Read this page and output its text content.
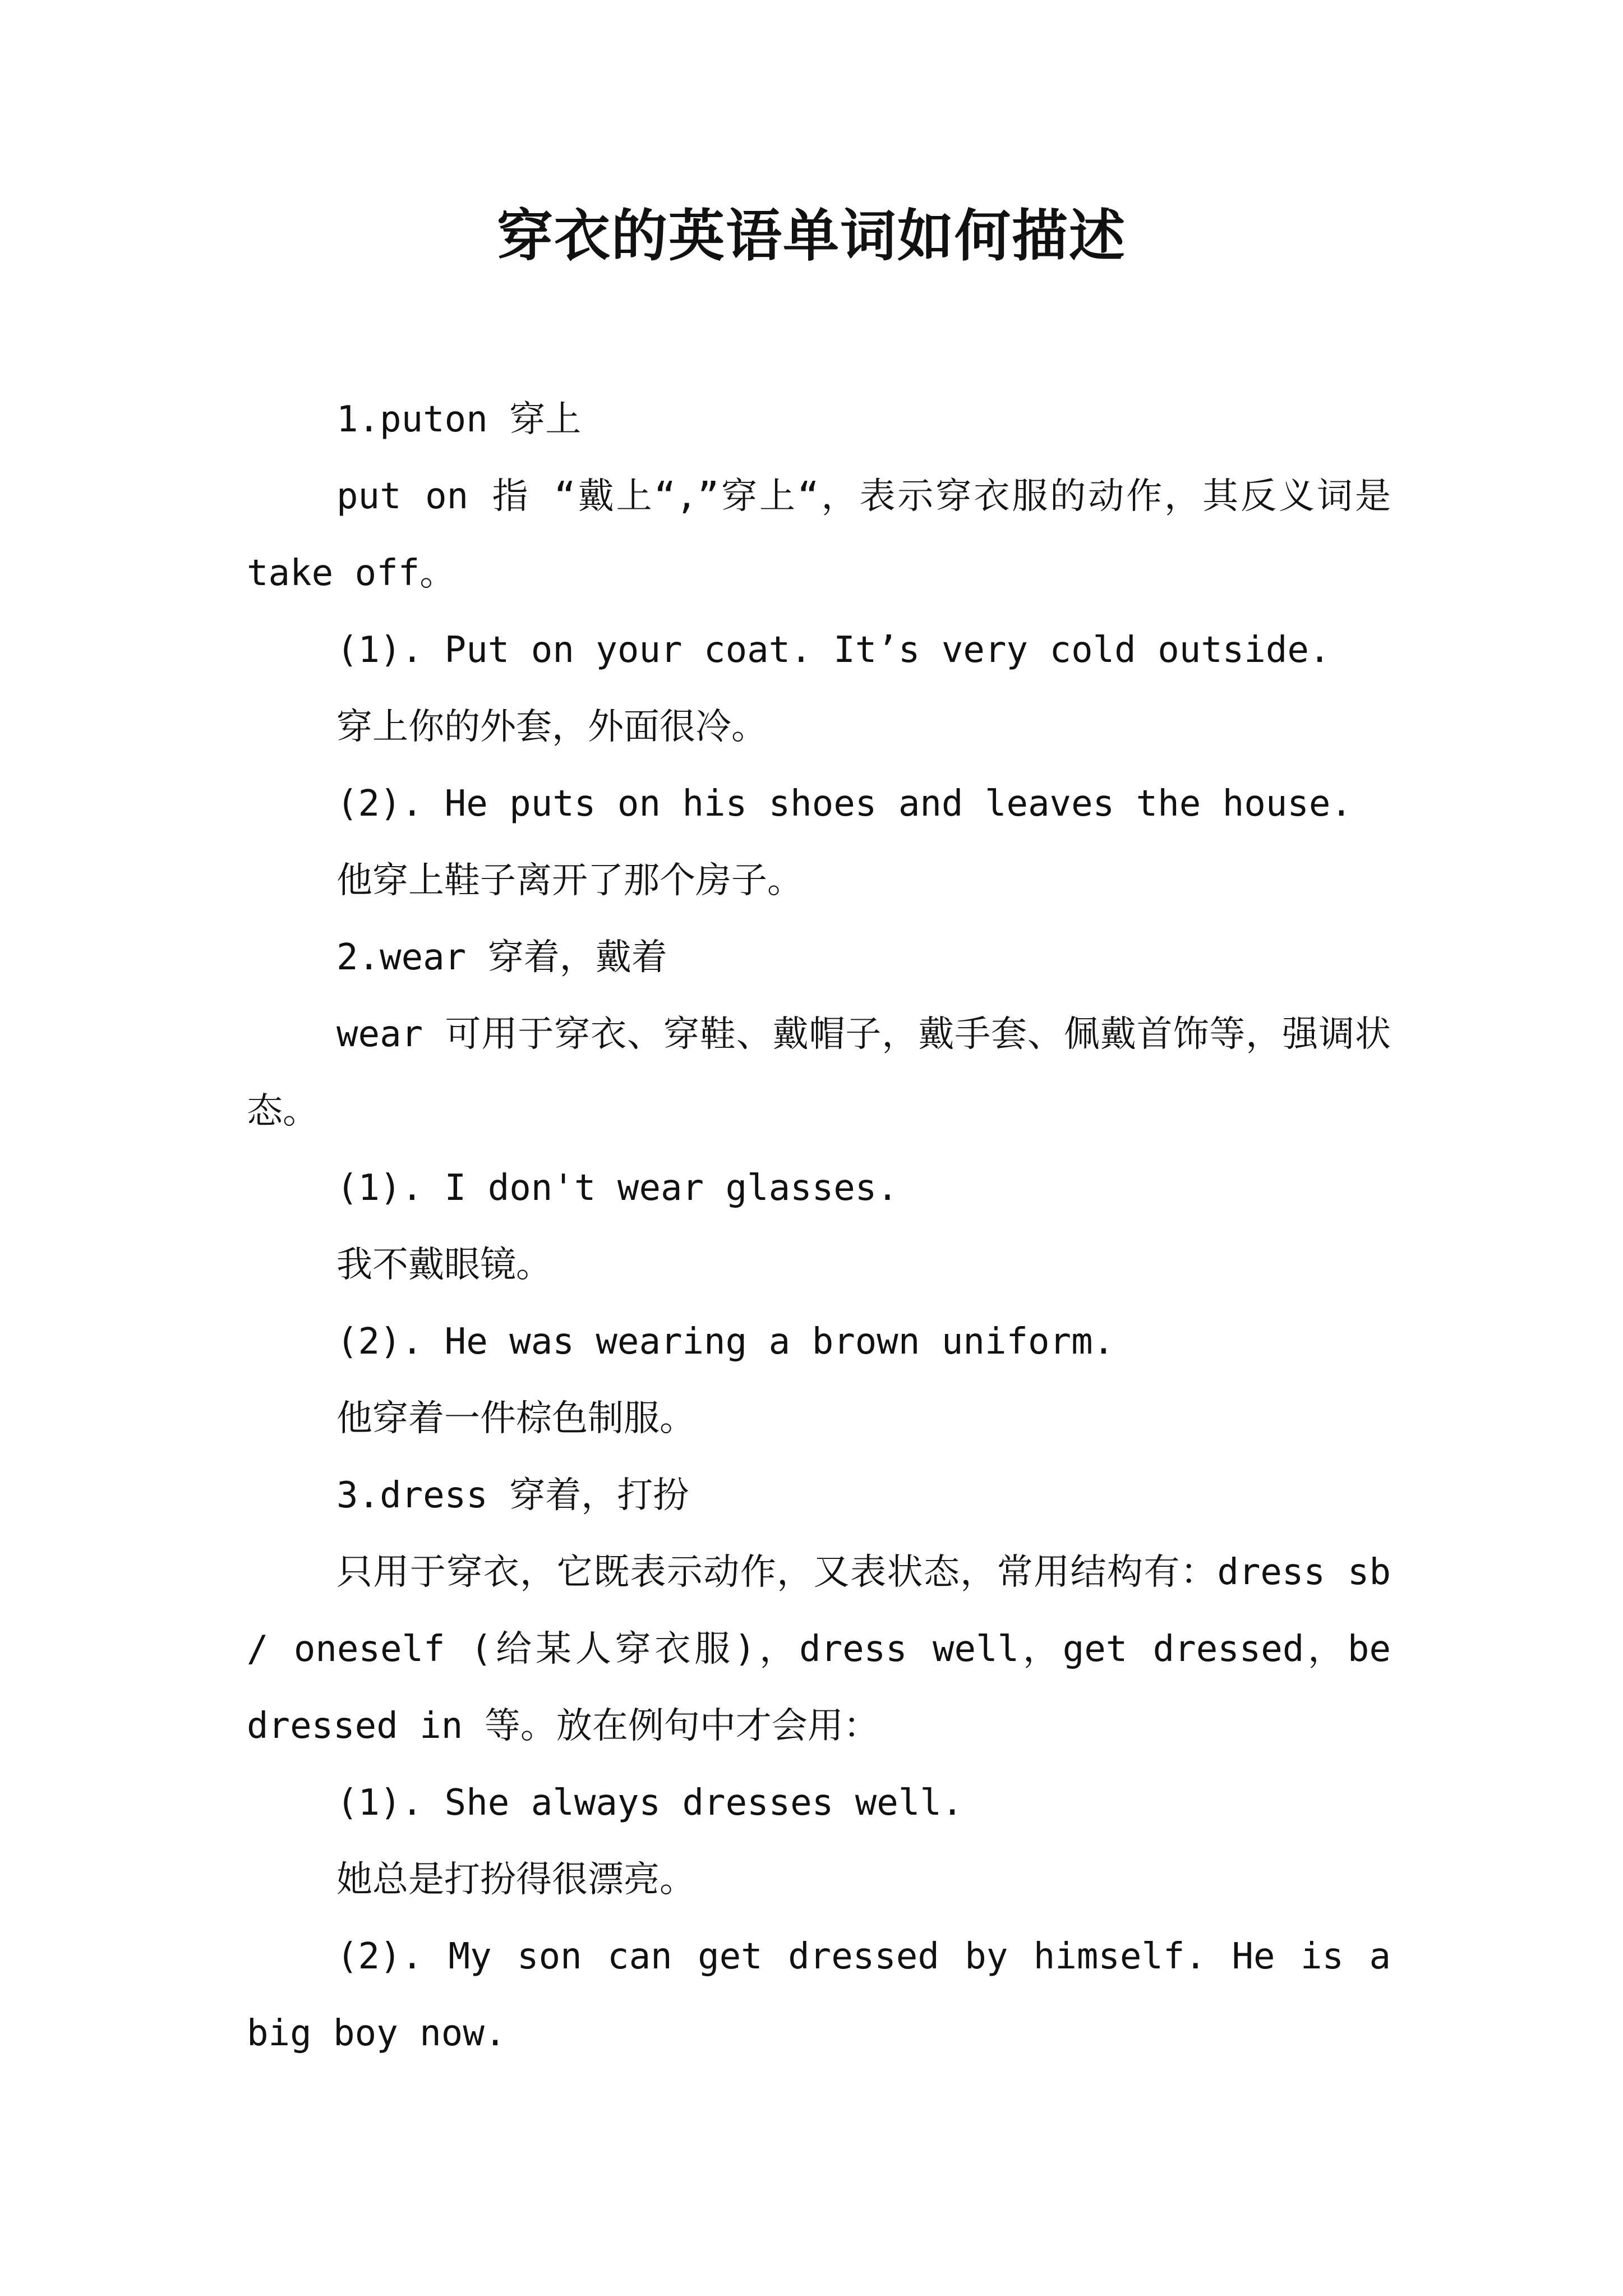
穿衣的英语单词如何描述

1.puton 穿上

put on 指 “戴上“,”穿上“，表示穿衣服的动作，其反义词是 take off。

(1). Put on your coat. It’s very cold outside.

穿上你的外套，外面很冷。

(2). He puts on his shoes and leaves the house.

他穿上鞋子离开了那个房子。

2.wear 穿着，戴着

wear 可用于穿衣、穿鞋、戴帽子，戴手套、佩戴首饰等，强调状态。

(1). I don't wear glasses.

我不戴眼镜。

(2). He was wearing a brown uniform.

他穿着一件棕色制服。

3.dress 穿着，打扮

只用于穿衣，它既表示动作，又表状态，常用结构有：dress sb / oneself (给某人穿衣服)，dress well，get dressed，be dressed in 等。放在例句中才会用：

(1). She always dresses well.

她总是打扮得很漂亮。

(2). My son can get dressed by himself. He is a big boy now.
